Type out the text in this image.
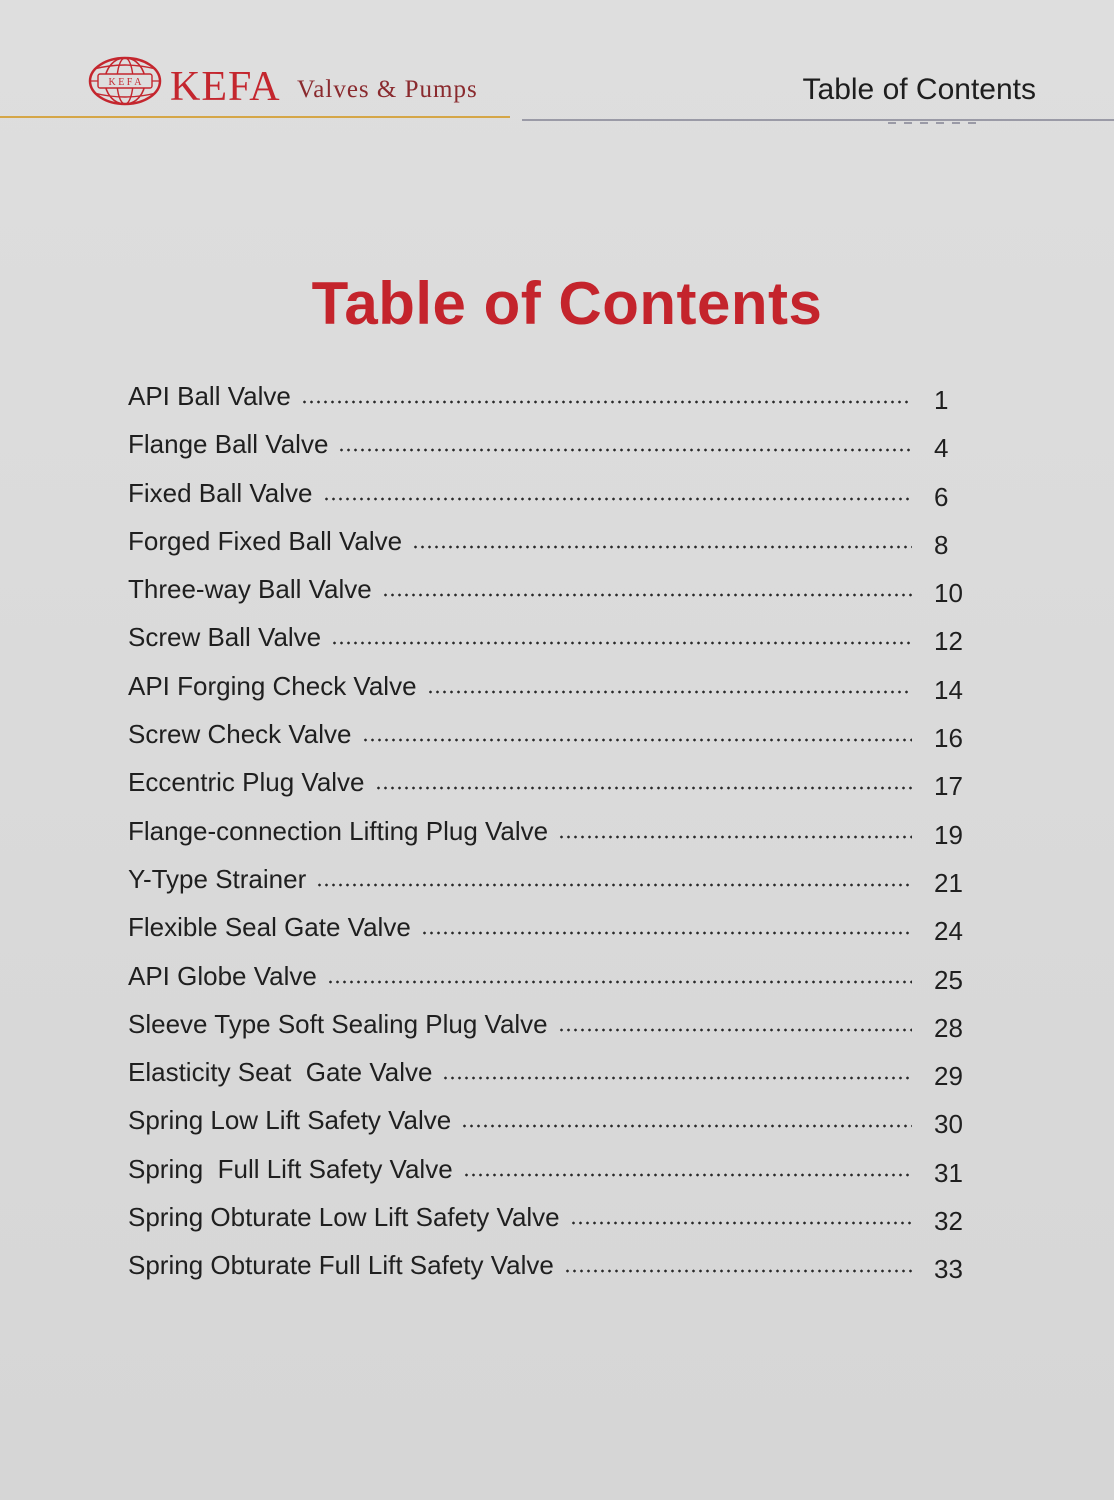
K E F A KEFA Valves & Pumps	Table of Contents
Table of Contents
API Ball Valve	1
Flange Ball Valve	4
Fixed Ball Valve	6
Forged Fixed Ball Valve	8
Three-way Ball Valve	10
Screw Ball Valve	12
API Forging Check Valve	14
Screw Check Valve	16
Eccentric Plug Valve	17
Flange-connection Lifting Plug Valve	19
Y-Type Strainer	21
Flexible Seal Gate Valve	24
API Globe Valve	25
Sleeve Type Soft Sealing Plug Valve	28
Elasticity Seat  Gate Valve	29
Spring Low Lift Safety Valve	30
Spring  Full Lift Safety Valve	31
Spring Obturate Low Lift Safety Valve	32
Spring Obturate Full Lift Safety Valve	33
